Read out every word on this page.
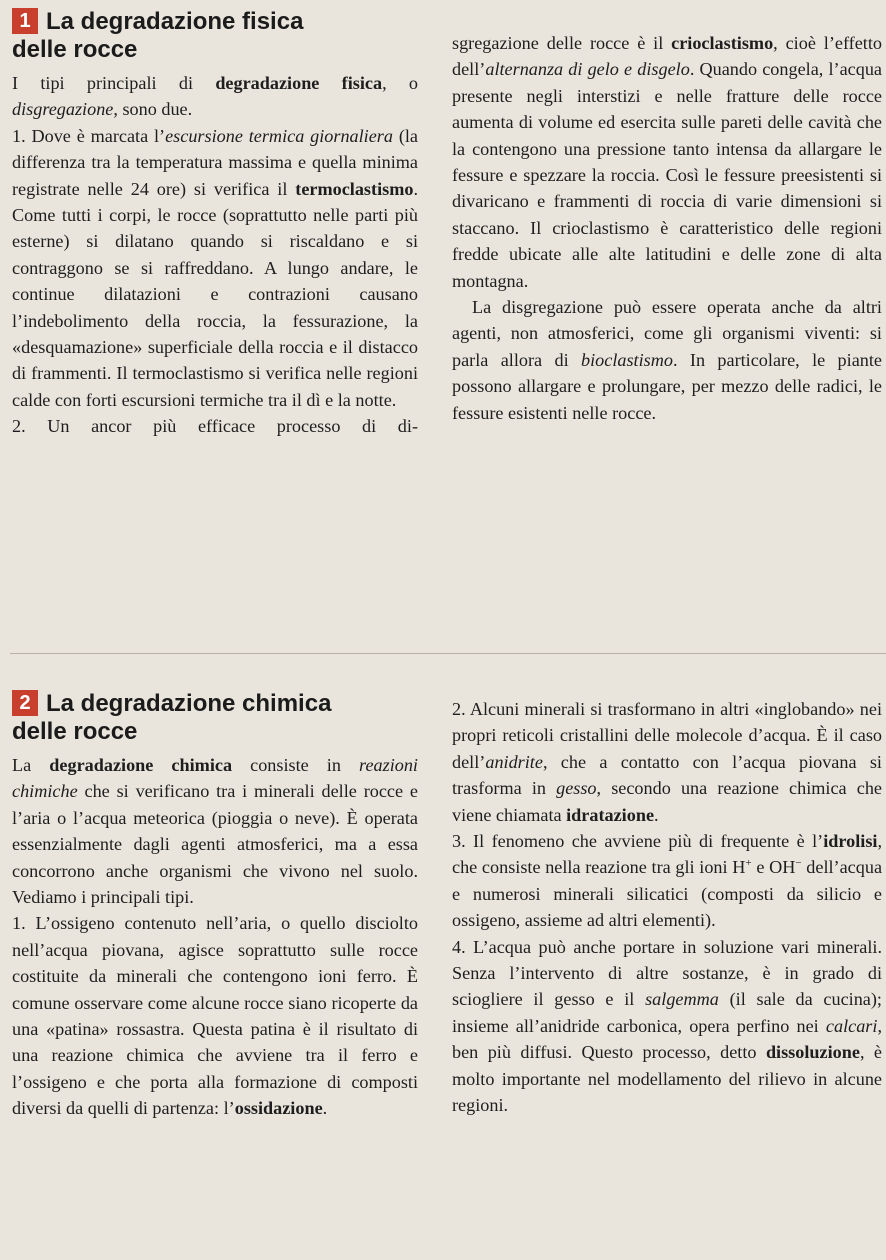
1 La degradazione fisica
delle rocce

I tipi principali di degradazione fisica, o disgregazione, sono due.

1. Dove è marcata l’escursione termica giornaliera (la differenza tra la temperatura massima e quella minima registrate nelle 24 ore) si verifica il termoclastismo. Come tutti i corpi, le rocce (soprattutto nelle parti più esterne) si dilatano quando si riscaldano e si contraggono se si raffreddano. A lungo andare, le continue dilatazioni e contrazioni causano l’indebolimento della roccia, la fessurazione, la «desquamazione» superficiale della roccia e il distacco di frammenti. Il termoclastismo si verifica nelle regioni calde con forti escursioni termiche tra il dì e la notte.

2. Un ancor più efficace processo di di-

sgregazione delle rocce è il crioclastismo, cioè l’effetto dell’alternanza di gelo e disgelo. Quando congela, l’acqua presente negli interstizi e nelle fratture delle rocce aumenta di volume ed esercita sulle pareti delle cavità che la contengono una pressione tanto intensa da allargare le fessure e spezzare la roccia. Così le fessure preesistenti si divaricano e frammenti di roccia di varie dimensioni si staccano. Il crioclastismo è caratteristico delle regioni fredde ubicate alle alte latitudini e delle zone di alta montagna.

La disgregazione può essere operata anche da altri agenti, non atmosferici, come gli organismi viventi: si parla allora di bioclastismo. In particolare, le piante possono allargare e prolungare, per mezzo delle radici, le fessure esistenti nelle rocce.

2 La degradazione chimica
delle rocce

La degradazione chimica consiste in reazioni chimiche che si verificano tra i minerali delle rocce e l’aria o l’acqua meteorica (pioggia o neve). È operata essenzialmente dagli agenti atmosferici, ma a essa concorrono anche organismi che vivono nel suolo. Vediamo i principali tipi.

1. L’ossigeno contenuto nell’aria, o quello disciolto nell’acqua piovana, agisce soprattutto sulle rocce costituite da minerali che contengono ioni ferro. È comune osservare come alcune rocce siano ricoperte da una «patina» rossastra. Questa patina è il risultato di una reazione chimica che avviene tra il ferro e l’ossigeno e che porta alla formazione di composti diversi da quelli di partenza: l’ossidazione.

2. Alcuni minerali si trasformano in altri «inglobando» nei propri reticoli cristallini delle molecole d’acqua. È il caso dell’anidrite, che a contatto con l’acqua piovana si trasforma in gesso, secondo una reazione chimica che viene chiamata idratazione.

3. Il fenomeno che avviene più di frequente è l’idrolisi, che consiste nella reazione tra gli ioni H+ e OH− dell’acqua e numerosi minerali silicatici (composti da silicio e ossigeno, assieme ad altri elementi).

4. L’acqua può anche portare in soluzione vari minerali. Senza l’intervento di altre sostanze, è in grado di sciogliere il gesso e il salgemma (il sale da cucina); insieme all’anidride carbonica, opera perfino nei calcari, ben più diffusi. Questo processo, detto dissoluzione, è molto importante nel modellamento del rilievo in alcune regioni.
